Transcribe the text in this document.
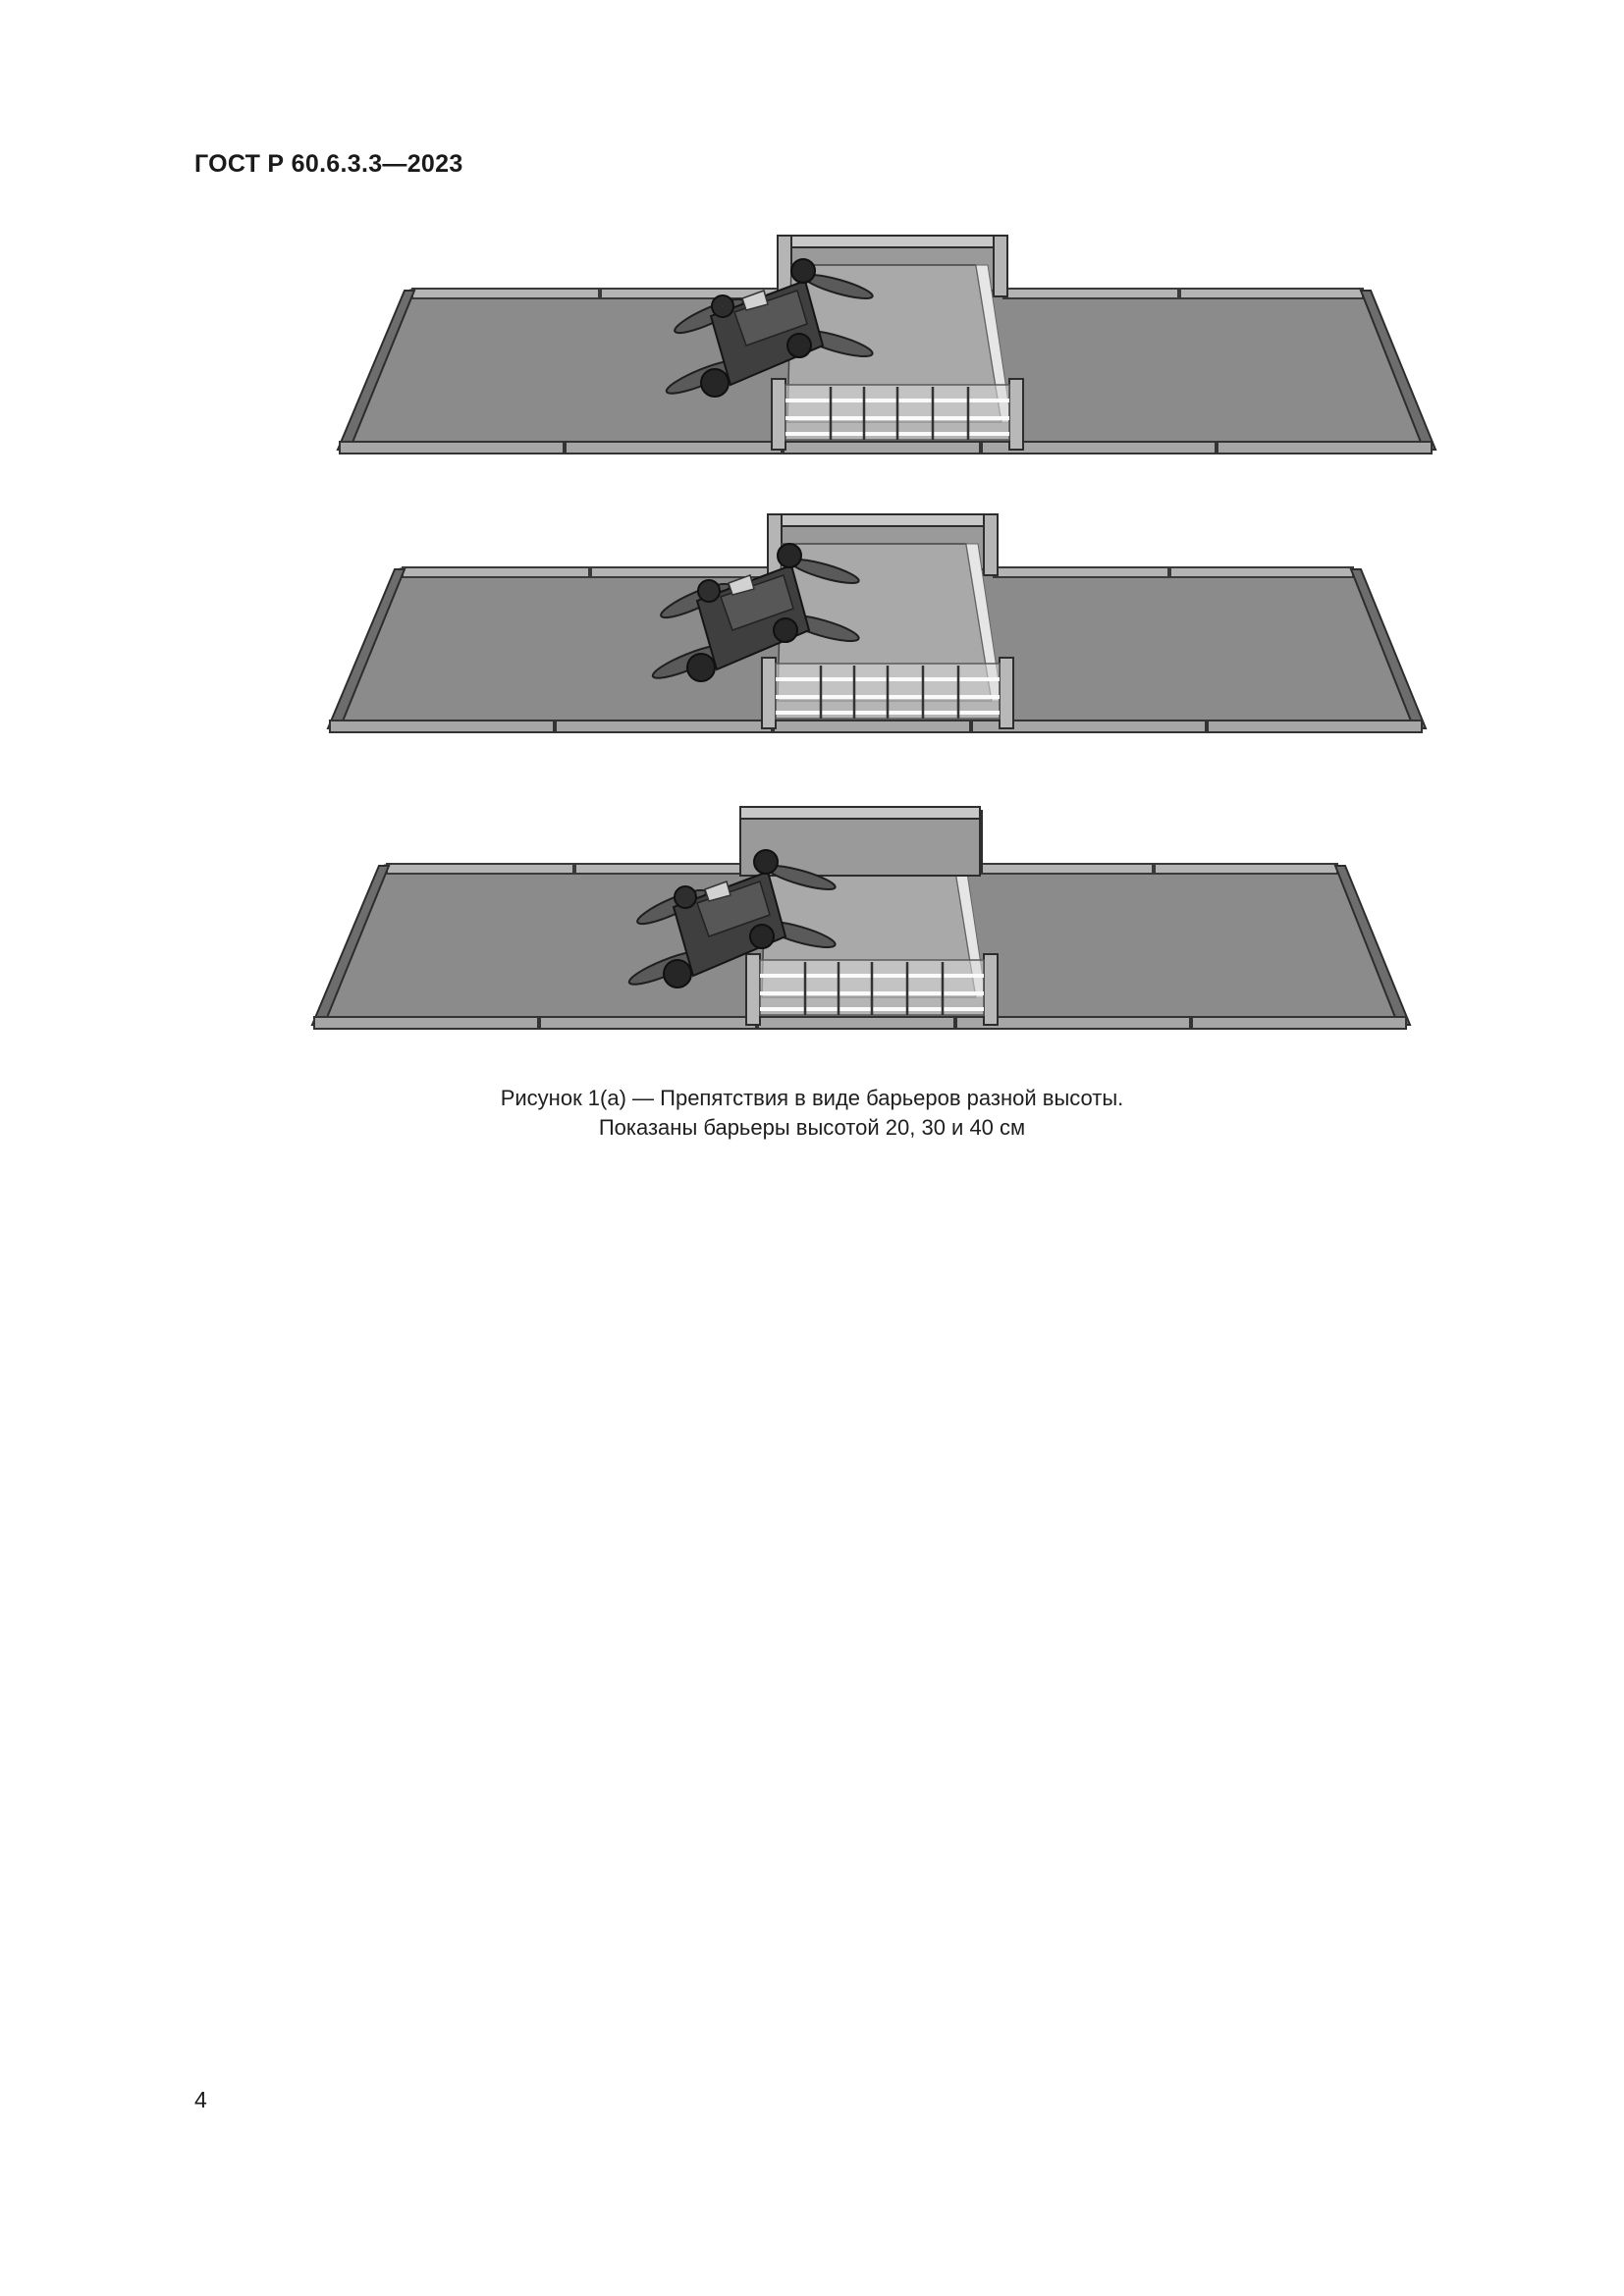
ГОСТ Р 60.6.3.3—2023
Рисунок 1(а) — Препятствия в виде барьеров разной высоты.
Показаны барьеры высотой 20, 30 и 40 см
4
